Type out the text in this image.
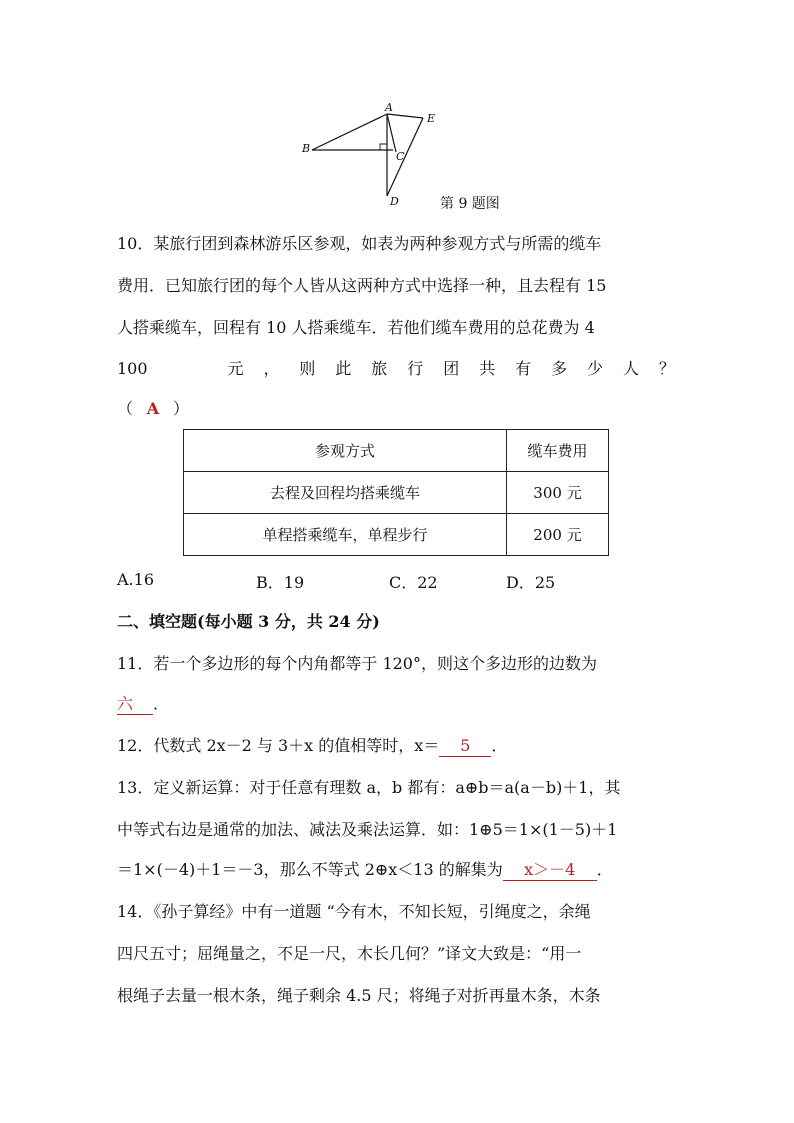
A
B
C
D
E
第 9 题图
10．某旅行团到森林游乐区参观，如表为两种参观方式与所需的缆车
费用．已知旅行团的每个人皆从这两种方式中选择一种，且去程有 15
人搭乘缆车，回程有 10 人搭乘缆车．若他们缆车费用的总花费为 4
100	元 ， 则 此 旅 行 团 共 有 多 少 人 ？
（ A ）
参观方式	缆车费用
去程及回程均搭乘缆车	300 元
单程搭乘缆车，单程步行	200 元
A.16	B．19	C．22	D．25
二、填空题(每小题 3 分，共 24 分)
11．若一个多边形的每个内角都等于 120°，则这个多边形的边数为
六 ．
12．代数式 2x－2 与 3＋x 的值相等时，x＝ 5 ．
13．定义新运算：对于任意有理数 a，b 都有：a⊕b＝a(a－b)＋1，其
中等式右边是通常的加法、减法及乘法运算．如：1⊕5＝1×(1－5)＋1
＝1×(－4)＋1＝－3，那么不等式 2⊕x＜13 的解集为 x＞－4 ．
14．《孙子算经》中有一道题 “今有木，不知长短，引绳度之，余绳
四尺五寸；屈绳量之，不足一尺，木长几何？”译文大致是：“用一
根绳子去量一根木条，绳子剩余 4.5 尺；将绳子对折再量木条，木条
